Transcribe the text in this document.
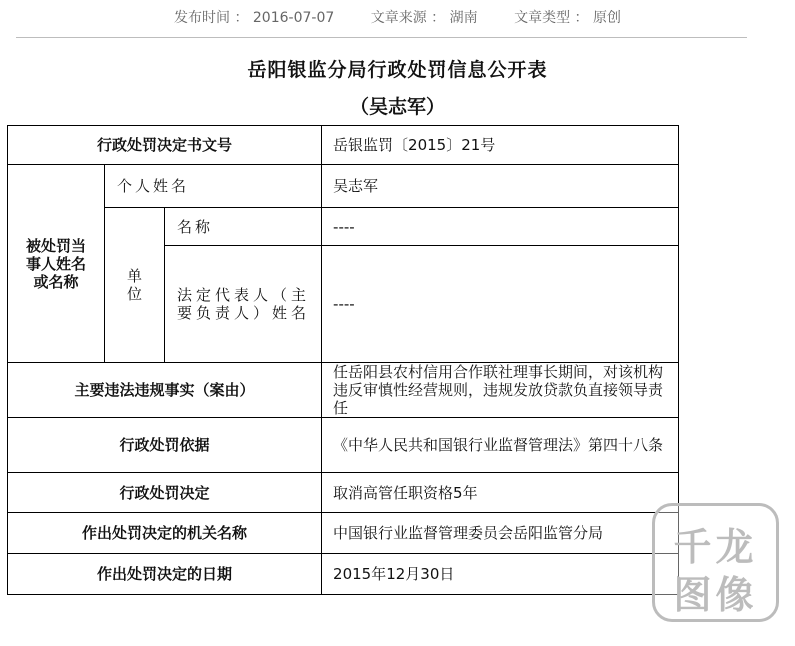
发布时间 ： 2016-07-07	文章来源 ： 湖南	文章类型 ： 原创
岳阳银监分局行政处罚信息公开表
（吴志军）
行政处罚决定书文号			岳银监罚〔2015〕21号
被处罚当事人姓名或名称	个人姓名		吴志军
	单位	名称	----
		法定代表人（主要负责人）姓名	----
主要违法违规事实（案由）			任岳阳县农村信用合作联社理事长期间，对该机构违反审慎性经营规则，违规发放贷款负直接领导责任
行政处罚依据			《中华人民共和国银行业监督管理法》第四十八条
行政处罚决定			取消高管任职资格5年
作出处罚决定的机关名称			中国银行业监督管理委员会岳阳监管分局
作出处罚决定的日期			2015年12月30日
千龙
图像
